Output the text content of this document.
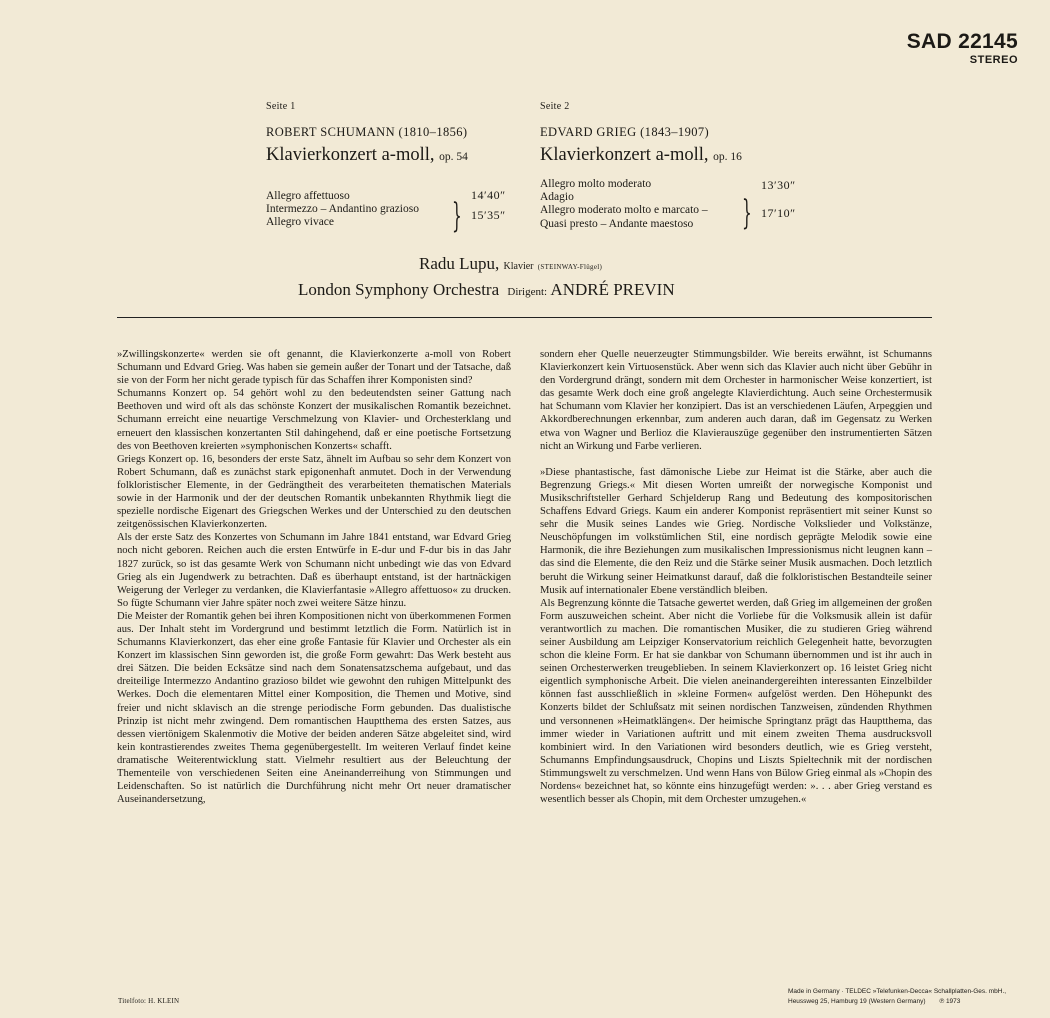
SAD 22145
STEREO
Seite 1
ROBERT SCHUMANN (1810–1856)
Klavierkonzert a-moll, op. 54
Allegro affettuoso
Intermezzo – Andantino grazioso
Allegro vivace
14′40″
} 15′35″
Seite 2
EDVARD GRIEG (1843–1907)
Klavierkonzert a-moll, op. 16
Allegro molto moderato
Adagio
Allegro moderato molto e marcato –
Quasi presto – Andante maestoso
13′30″
} 17′10″
Radu Lupu, Klavier (STEINWAY-Flügel)
London Symphony Orchestra Dirigent: ANDRÉ PREVIN

»Zwillingskonzerte« werden sie oft genannt, die Klavierkonzerte a-moll von Robert Schumann und Edvard Grieg. Was haben sie gemein außer der Tonart und der Tatsache, daß sie von der Form her nicht gerade typisch für das Schaffen ihrer Komponisten sind?

Schumanns Konzert op. 54 gehört wohl zu den bedeutendsten seiner Gattung nach Beethoven und wird oft als das schönste Konzert der musikalischen Romantik bezeichnet. Schumann erreicht eine neuartige Verschmelzung von Klavier- und Orchesterklang und erneuert den klassischen konzertanten Stil dahingehend, daß er eine poetische Fortsetzung des von Beethoven kreierten »symphonischen Konzerts« schafft.

Griegs Konzert op. 16, besonders der erste Satz, ähnelt im Aufbau so sehr dem Konzert von Robert Schumann, daß es zunächst stark epigonenhaft anmutet. Doch in der Verwendung folkloristischer Elemente, in der Gedrängtheit des verarbeiteten thematischen Materials sowie in der Harmonik und der der deutschen Romantik unbekannten Rhythmik liegt die spezielle nordische Eigenart des Griegschen Werkes und der Unterschied zu den deutschen zeitgenössischen Klavierkonzerten.

Als der erste Satz des Konzertes von Schumann im Jahre 1841 entstand, war Edvard Grieg noch nicht geboren. Reichen auch die ersten Entwürfe in E-dur und F-dur bis in das Jahr 1827 zurück, so ist das gesamte Werk von Schumann nicht unbedingt wie das von Edvard Grieg als ein Jugendwerk zu betrachten. Daß es überhaupt entstand, ist der hartnäckigen Weigerung der Verleger zu verdanken, die Klavierfantasie »Allegro affettuoso« zu drucken. So fügte Schumann vier Jahre später noch zwei weitere Sätze hinzu.

Die Meister der Romantik gehen bei ihren Kompositionen nicht von überkommenen Formen aus. Der Inhalt steht im Vordergrund und bestimmt letztlich die Form. Natürlich ist in Schumanns Klavierkonzert, das eher eine große Fantasie für Klavier und Orchester als ein Konzert im klassischen Sinn geworden ist, die große Form gewahrt: Das Werk besteht aus drei Sätzen. Die beiden Ecksätze sind nach dem Sonatensatzschema aufgebaut, und das dreiteilige Intermezzo Andantino grazioso bildet wie gewohnt den ruhigen Mittelpunkt des Werkes. Doch die elementaren Mittel einer Komposition, die Themen und Motive, sind freier und nicht sklavisch an die strenge periodische Form gebunden. Das dualistische Prinzip ist nicht mehr zwingend. Dem romantischen Hauptthema des ersten Satzes, aus dessen viertönigem Skalenmotiv die Motive der beiden anderen Sätze abgeleitet sind, wird kein kontrastierendes zweites Thema gegenübergestellt. Im weiteren Verlauf findet keine dramatische Weiterentwicklung statt. Vielmehr resultiert aus der Beleuchtung der Thementeile von verschiedenen Seiten eine Aneinanderreihung von Stimmungen und Leidenschaften. So ist natürlich die Durchführung nicht mehr Ort neuer dramatischer Auseinandersetzung,

sondern eher Quelle neuerzeugter Stimmungsbilder. Wie bereits erwähnt, ist Schumanns Klavierkonzert kein Virtuosenstück. Aber wenn sich das Klavier auch nicht über Gebühr in den Vordergrund drängt, sondern mit dem Orchester in harmonischer Weise konzertiert, ist das gesamte Werk doch eine groß angelegte Klavierdichtung. Auch seine Orchestermusik hat Schumann vom Klavier her konzipiert. Das ist an verschiedenen Läufen, Arpeggien und Akkordberechnungen erkennbar, zum anderen auch daran, daß im Gegensatz zu Werken etwa von Wagner und Berlioz die Klavierauszüge gegenüber den instrumentierten Sätzen nicht an Wirkung und Farbe verlieren.

»Diese phantastische, fast dämonische Liebe zur Heimat ist die Stärke, aber auch die Begrenzung Griegs.« Mit diesen Worten umreißt der norwegische Komponist und Musikschriftsteller Gerhard Schjelderup Rang und Bedeutung des kompositorischen Schaffens Edvard Griegs. Kaum ein anderer Komponist repräsentiert mit seiner Kunst so sehr die Musik seines Landes wie Grieg. Nordische Volkslieder und Volkstänze, Neuschöpfungen im volkstümlichen Stil, eine nordisch geprägte Melodik sowie eine Harmonik, die ihre Beziehungen zum musikalischen Impressionismus nicht leugnen kann – das sind die Elemente, die den Reiz und die Stärke seiner Musik ausmachen. Doch letztlich beruht die Wirkung seiner Heimatkunst darauf, daß die folkloristischen Bestandteile seiner Musik auf internationaler Ebene verständlich bleiben.

Als Begrenzung könnte die Tatsache gewertet werden, daß Grieg im allgemeinen der großen Form auszuweichen scheint. Aber nicht die Vorliebe für die Volksmusik allein ist dafür verantwortlich zu machen. Die romantischen Musiker, die zu studieren Grieg während seiner Ausbildung am Leipziger Konservatorium reichlich Gelegenheit hatte, bevorzugten schon die kleine Form. Er hat sie dankbar von Schumann übernommen und ist ihr auch in seinen Orchesterwerken treugeblieben. In seinem Klavierkonzert op. 16 leistet Grieg nicht eigentlich symphonische Arbeit. Die vielen aneinandergereihten interessanten Einzelbilder können fast ausschließlich in »kleine Formen« aufgelöst werden. Den Höhepunkt des Konzerts bildet der Schlußsatz mit seinen nordischen Tanzweisen, zündenden Rhythmen und versonnenen »Heimatklängen«. Der heimische Springtanz prägt das Hauptthema, das immer wieder in Variationen auftritt und mit einem zweiten Thema ausdrucksvoll kombiniert wird. In den Variationen wird besonders deutlich, wie es Grieg versteht, Schumanns Empfindungsausdruck, Chopins und Liszts Spieltechnik mit der nordischen Stimmungswelt zu verschmelzen. Und wenn Hans von Bülow Grieg einmal als »Chopin des Nordens« bezeichnet hat, so könnte eins hinzugefügt werden: ». . . aber Grieg verstand es wesentlich besser als Chopin, mit dem Orchester umzugehen.«

Titelfoto: H. KLEIN
Made in Germany · TELDEC »Telefunken-Decca« Schallplatten-Ges. mbH.,
Heussweg 25, Hamburg 19 (Western Germany) ℗ 1973
